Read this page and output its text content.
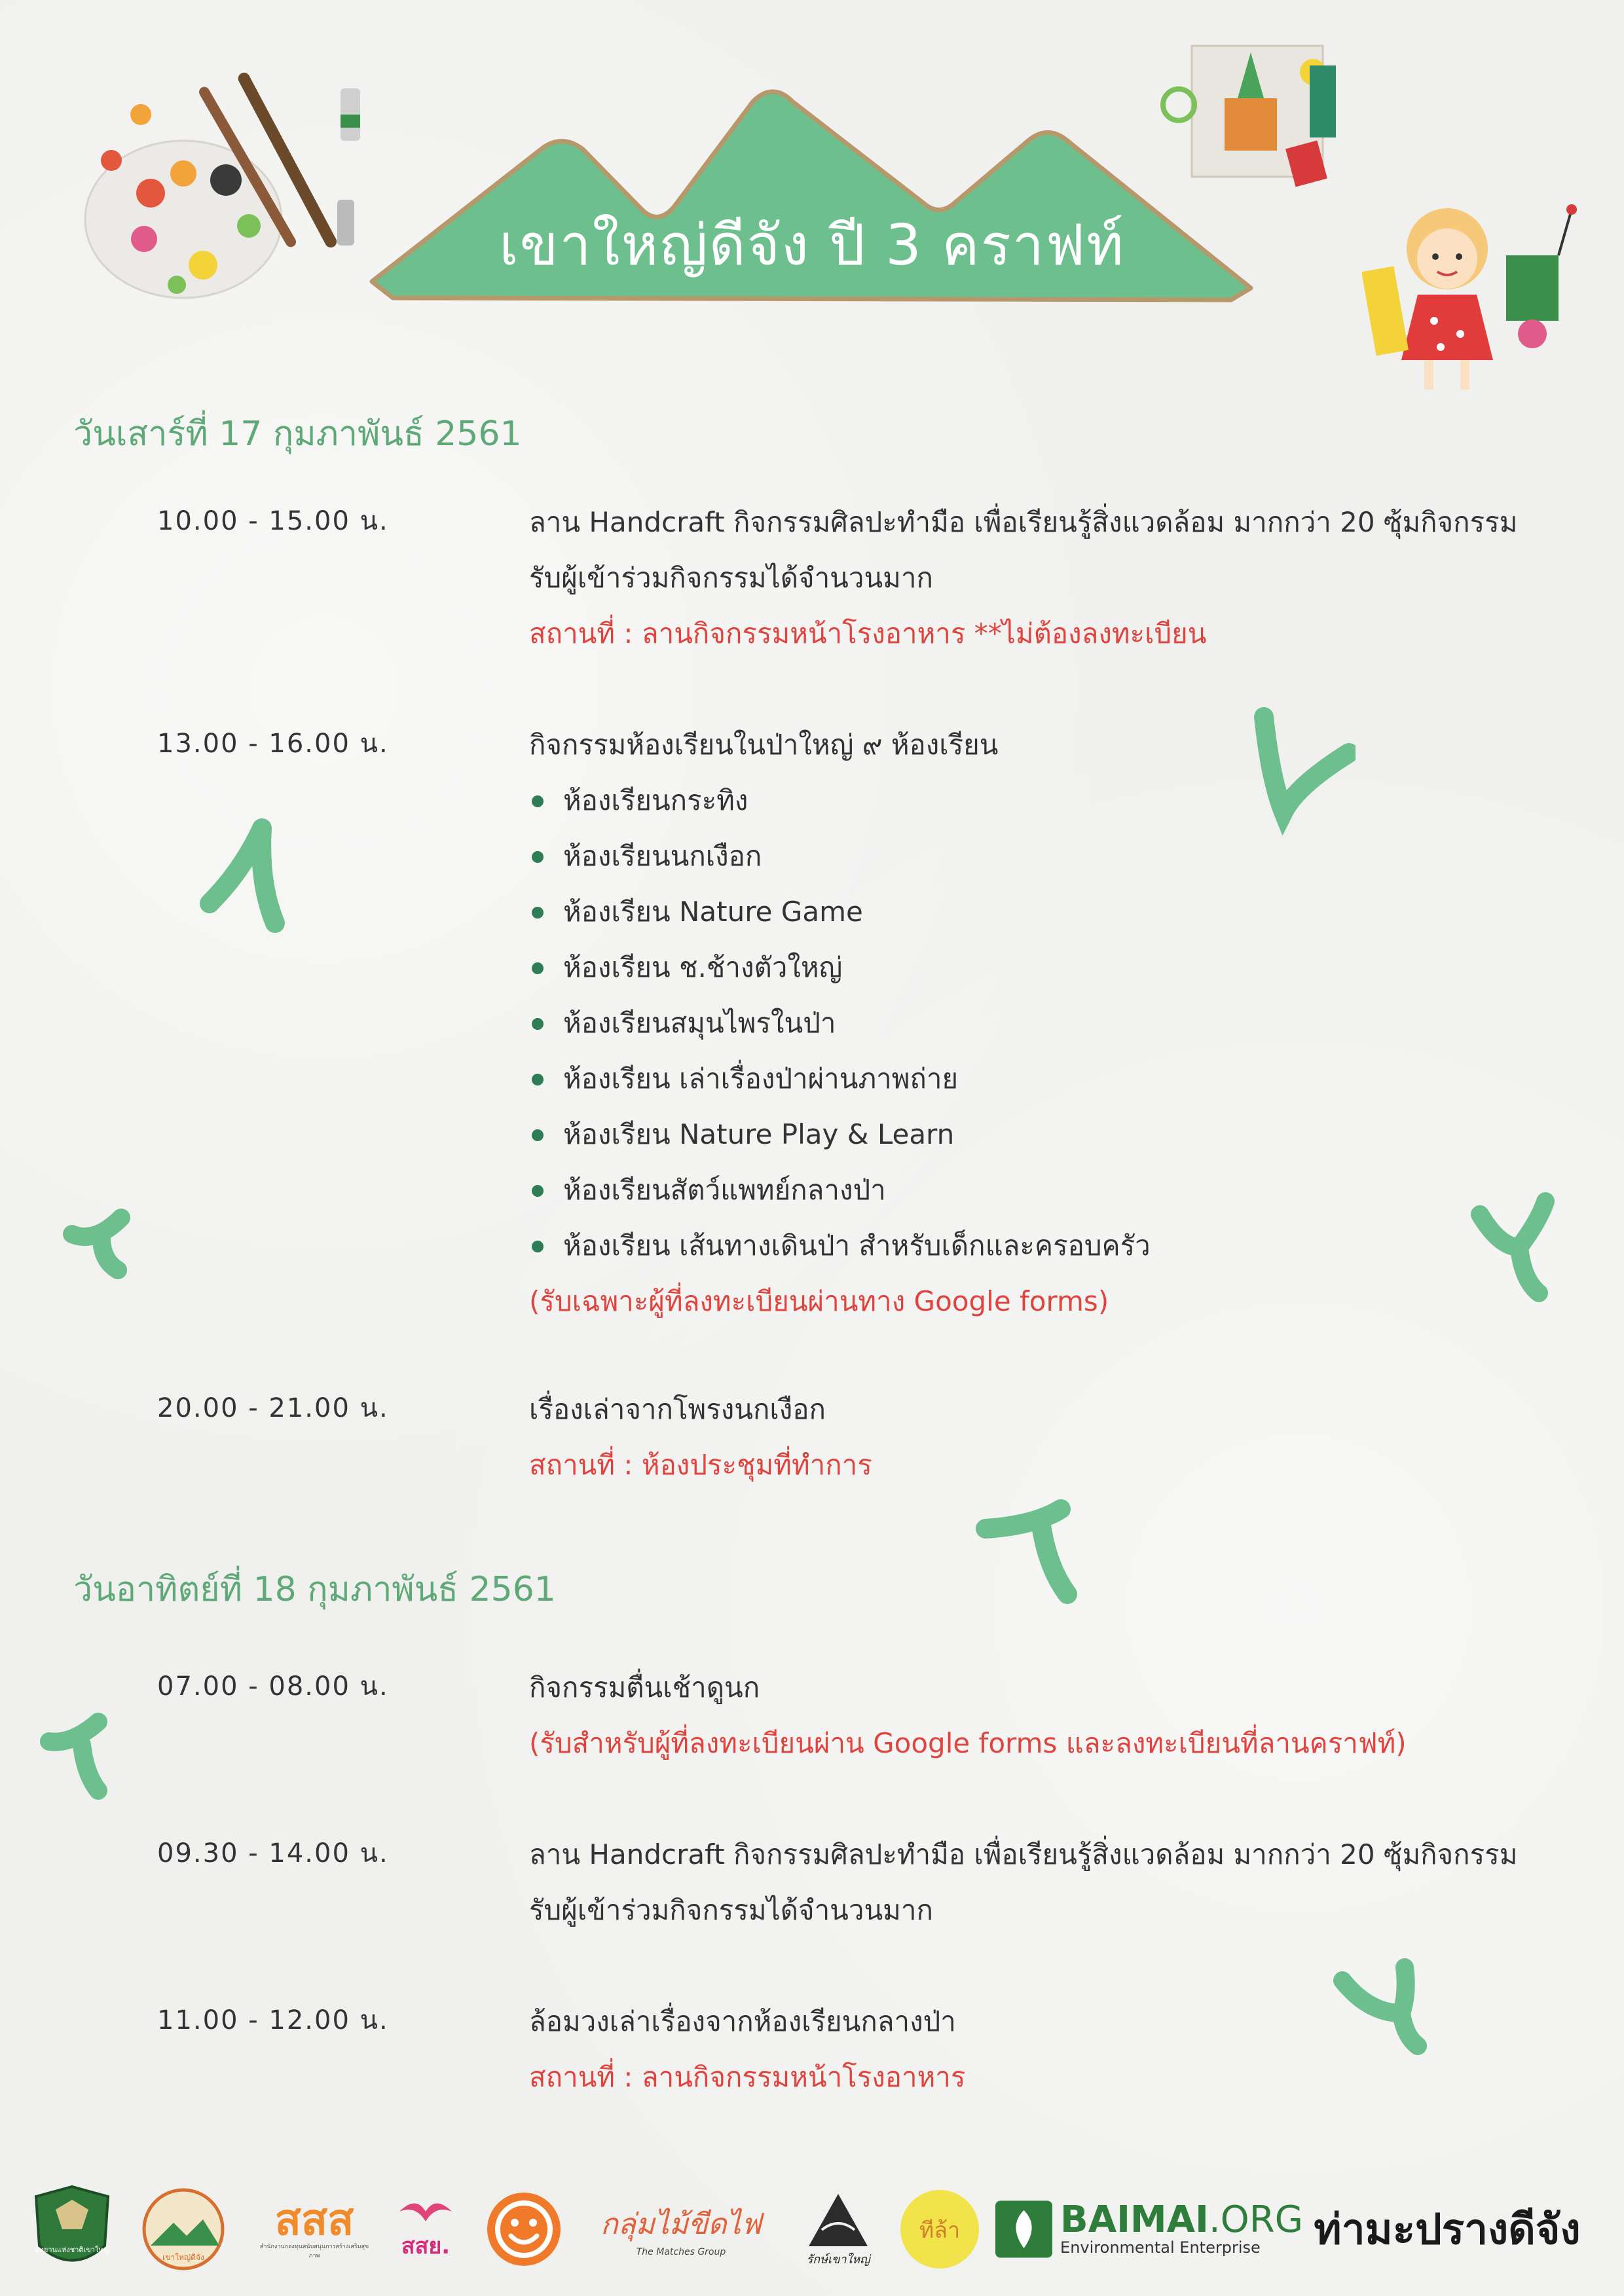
เขาใหญ่ดีจัง ปี 3 คราฟท์
วันเสาร์ที่ 17 กุมภาพันธ์ 2561
10.00 - 15.00 น.	ลาน Handcraft กิจกรรมศิลปะทำมือ เพื่อเรียนรู้สิ่งแวดล้อม มากกว่า 20 ซุ้มกิจกรรม

รับผู้เข้าร่วมกิจกรรมได้จำนวนมาก

สถานที่ : ลานกิจกรรมหน้าโรงอาหาร **ไม่ต้องลงทะเบียน

13.00 - 16.00 น.	กิจกรรมห้องเรียนในป่าใหญ่ ๙ ห้องเรียน

ห้องเรียนกระทิง
ห้องเรียนนกเงือก
ห้องเรียน Nature Game
ห้องเรียน ช.ช้างตัวใหญ่
ห้องเรียนสมุนไพรในป่า
ห้องเรียน เล่าเรื่องป่าผ่านภาพถ่าย
ห้องเรียน Nature Play & Learn
ห้องเรียนสัตว์แพทย์กลางป่า
ห้องเรียน เส้นทางเดินป่า สำหรับเด็กและครอบครัว

(รับเฉพาะผู้ที่ลงทะเบียนผ่านทาง Google forms)

20.00 - 21.00 น.	เรื่องเล่าจากโพรงนกเงือก

สถานที่ : ห้องประชุมที่ทำการ

วันอาทิตย์ที่ 18 กุมภาพันธ์ 2561
07.00 - 08.00 น.	กิจกรรมตื่นเช้าดูนก

(รับสำหรับผู้ที่ลงทะเบียนผ่าน Google forms และลงทะเบียนที่ลานคราฟท์)

09.30 - 14.00 น.	ลาน Handcraft กิจกรรมศิลปะทำมือ เพื่อเรียนรู้สิ่งแวดล้อม มากกว่า 20 ซุ้มกิจกรรม

รับผู้เข้าร่วมกิจกรรมได้จำนวนมาก

11.00 - 12.00 น.	ล้อมวงเล่าเรื่องจากห้องเรียนกลางป่า

สถานที่ : ลานกิจกรรมหน้าโรงอาหาร

อุทยานแห่งชาติเขาใหญ่
เขาใหญ่ดีจัง
สสส
สำนักงานกองทุนสนับสนุนการสร้างเสริมสุขภาพ	สสย.
กลุ่มไม้ขีดไฟ
The Matches Group
รักษ์เขาใหญ่
ทีล้า	BAIMAI.ORG
Environmental Enterprise	ท่ามะปรางดีจัง
